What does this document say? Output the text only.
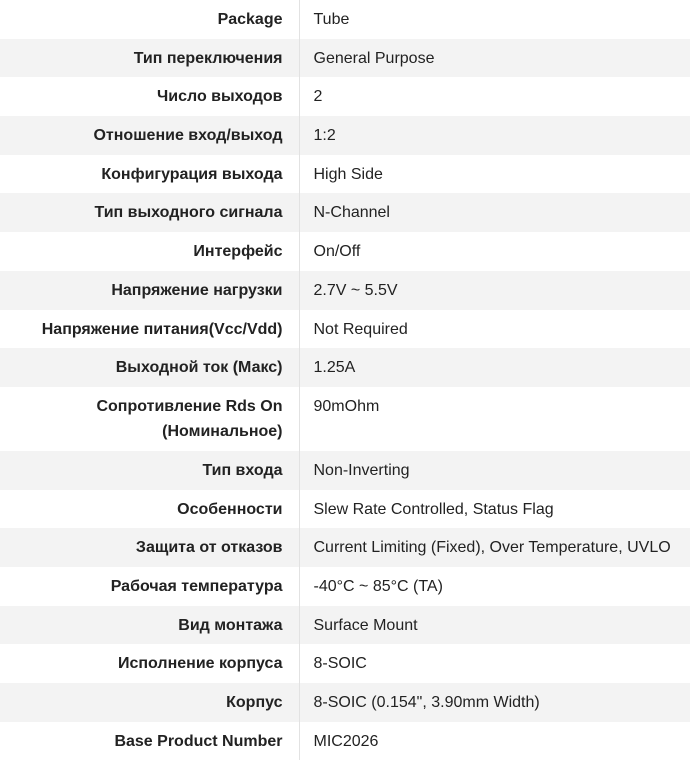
Package	Tube

Тип переключения	General Purpose

Число выходов	2

Отношение вход/выход	1:2

Конфигурация выхода	High Side

Тип выходного сигнала	N-Channel

Интерфейс	On/Off

Напряжение нагрузки	2.7V ~ 5.5V

Напряжение питания(Vcc/Vdd)	Not Required

Выходной ток (Макс)	1.25A

Сопротивление Rds On (Номинальное)	90mOhm

Тип входа	Non-Inverting

Особенности	Slew Rate Controlled, Status Flag

Защита от отказов	Current Limiting (Fixed), Over Temperature, UVLO

Рабочая температура	-40°C ~ 85°C (TA)

Вид монтажа	Surface Mount

Исполнение корпуса	8-SOIC

Корпус	8-SOIC (0.154", 3.90mm Width)

Base Product Number	MIC2026
